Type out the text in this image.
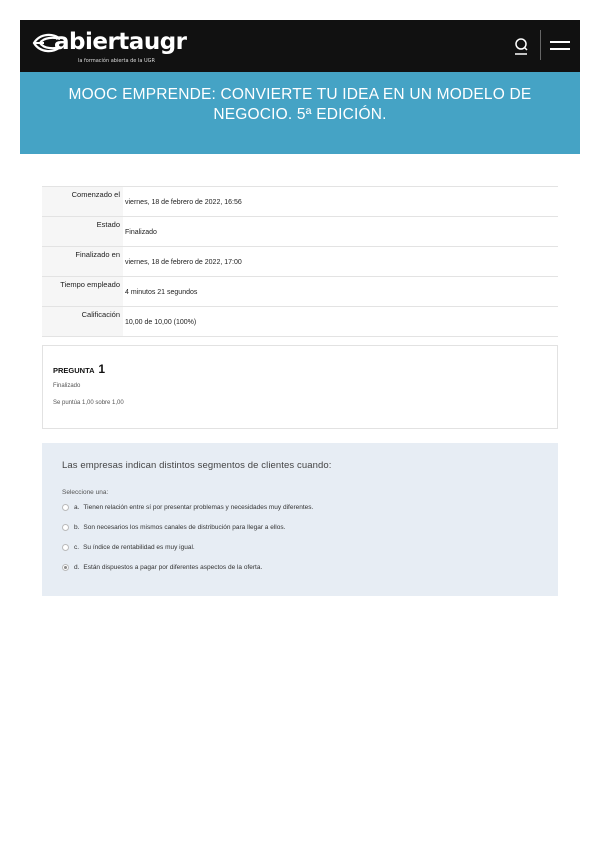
abiertaugr
la formación abierta de la UGR
MOOC EMPRENDE: CONVIERTE TU IDEA EN UN MODELO DE NEGOCIO. 5ª EDICIÓN.
Comenzado el	viernes, 18 de febrero de 2022, 16:56
Estado	Finalizado
Finalizado en	viernes, 18 de febrero de 2022, 17:00
Tiempo empleado	4 minutos 21 segundos
Calificación	10,00 de 10,00 (100%)
PREGUNTA 1
Finalizado
Se puntúa 1,00 sobre 1,00
Las empresas indican distintos segmentos de clientes cuando:
Seleccione una:
a. Tienen relación entre sí por presentar problemas y necesidades muy diferentes.
b. Son necesarios los mismos canales de distribución para llegar a ellos.
c. Su índice de rentabilidad es muy igual.
d. Están dispuestos a pagar por diferentes aspectos de la oferta.
